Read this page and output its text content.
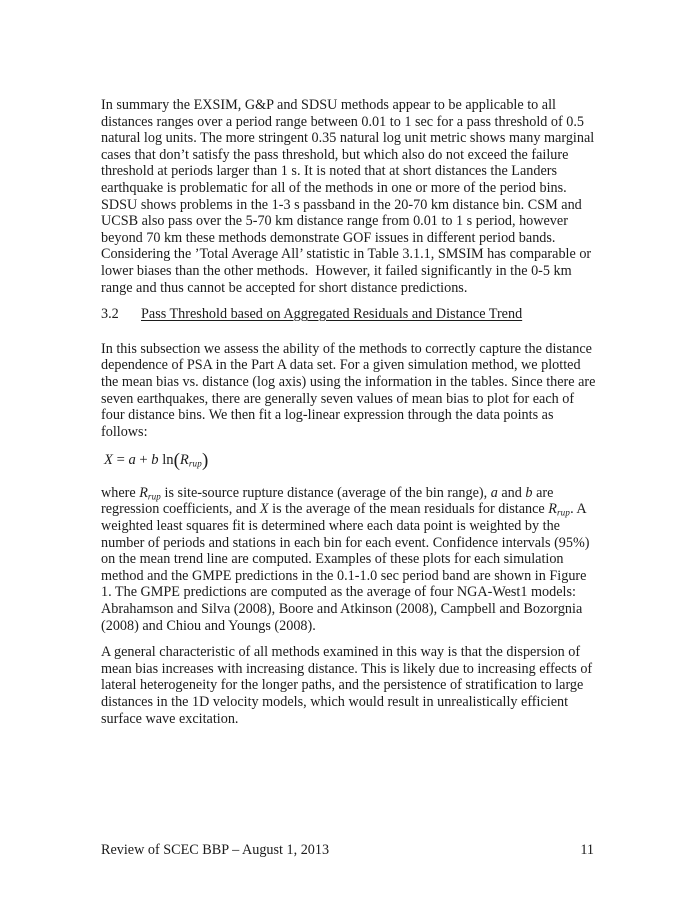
In summary the EXSIM, G&P and SDSU methods appear to be applicable to all distances ranges over a period range between 0.01 to 1 sec for a pass threshold of 0.5 natural log units. The more stringent 0.35 natural log unit metric shows many marginal cases that don’t satisfy the pass threshold, but which also do not exceed the failure threshold at periods larger than 1 s. It is noted that at short distances the Landers earthquake is problematic for all of the methods in one or more of the period bins.  SDSU shows problems in the 1-3 s passband in the 20-70 km distance bin. CSM and UCSB also pass over the 5-70 km distance range from 0.01 to 1 s period, however beyond 70 km these methods demonstrate GOF issues in different period bands.  Considering the ’Total Average All’ statistic in Table 3.1.1, SMSIM has comparable or lower biases than the other methods.  However, it failed significantly in the 0-5 km range and thus cannot be accepted for short distance predictions.

3.2	Pass Threshold based on Aggregated Residuals and Distance Trend

In this subsection we assess the ability of the methods to correctly capture the distance dependence of PSA in the Part A data set. For a given simulation method, we plotted the mean bias vs. distance (log axis) using the information in the tables. Since there are seven earthquakes, there are generally seven values of mean bias to plot for each of four distance bins. We then fit a log-linear expression through the data points as follows:

X = a + b $\ln(R_{rup})$

where $R_{rup}$ is site-source rupture distance (average of the bin range), a and b are regression coefficients, and X is the average of the mean residuals for distance $R_{rup}$. A weighted least squares fit is determined where each data point is weighted by the number of periods and stations in each bin for each event. Confidence intervals (95%) on the mean trend line are computed. Examples of these plots for each simulation method and the GMPE predictions in the 0.1-1.0 sec period band are shown in Figure 1. The GMPE predictions are computed as the average of four NGA-West1 models: Abrahamson and Silva (2008), Boore and Atkinson (2008), Campbell and Bozorgnia (2008) and Chiou and Youngs (2008).

A general characteristic of all methods examined in this way is that the dispersion of mean bias increases with increasing distance. This is likely due to increasing effects of lateral heterogeneity for the longer paths, and the persistence of stratification to large distances in the 1D velocity models, which would result in unrealistically efficient surface wave excitation.

Review of SCEC BBP – August 1, 2013	11
